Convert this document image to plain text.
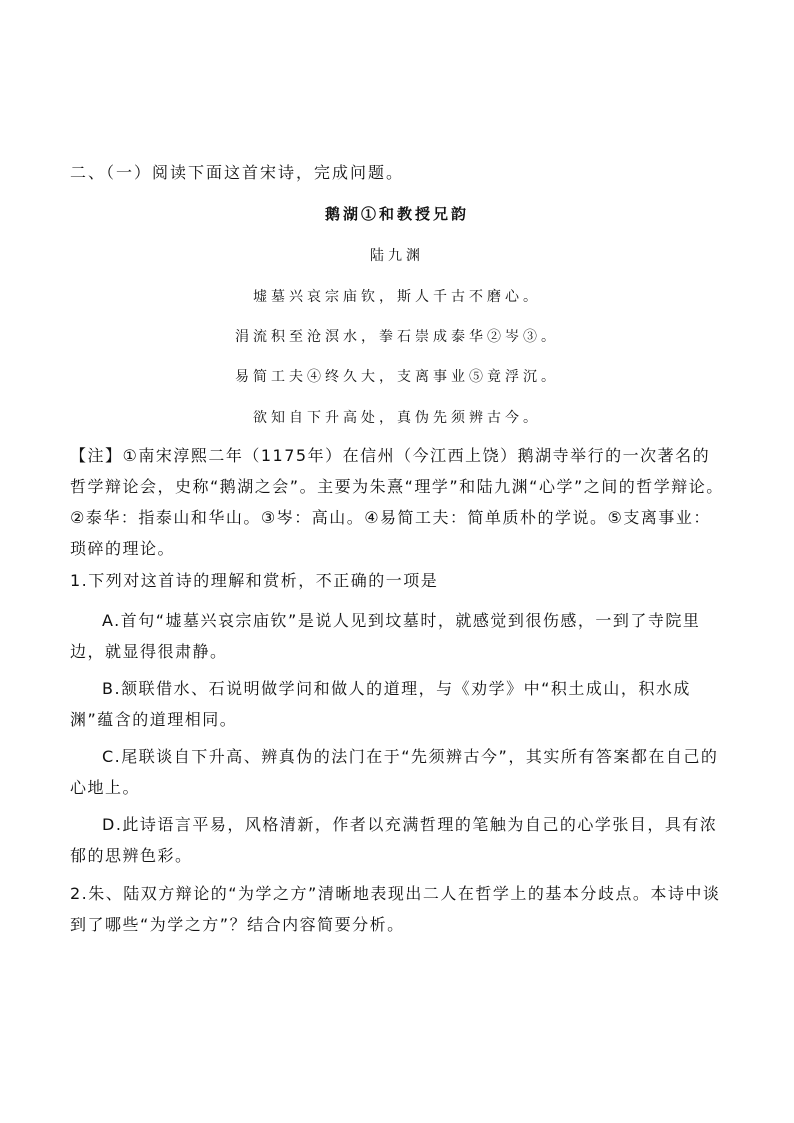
二、（一）阅读下面这首宋诗，完成问题。
鹅湖①和教授兄韵
陆九渊
墟墓兴哀宗庙钦，斯人千古不磨心。
涓流积至沧溟水，拳石崇成泰华②岑③。
易简工夫④终久大，支离事业⑤竟浮沉。
欲知自下升高处，真伪先须辨古今。
【注】①南宋淳熙二年（1175年）在信州（今江西上饶）鹅湖寺举行的一次著名的哲学辩论会，史称“鹅湖之会”。主要为朱熹“理学”和陆九渊“心学”之间的哲学辩论。②泰华：指泰山和华山。③岑：高山。④易简工夫：简单质朴的学说。⑤支离事业：琐碎的理论。
1.下列对这首诗的理解和赏析，不正确的一项是
A.首句“墟墓兴哀宗庙钦”是说人见到坟墓时，就感觉到很伤感，一到了寺院里边，就显得很肃静。
B.颔联借水、石说明做学问和做人的道理，与《劝学》中“积土成山，积水成渊”蕴含的道理相同。
C.尾联谈自下升高、辨真伪的法门在于“先须辨古今”，其实所有答案都在自己的心地上。
D.此诗语言平易，风格清新，作者以充满哲理的笔触为自己的心学张目，具有浓郁的思辨色彩。
2.朱、陆双方辩论的“为学之方”清晰地表现出二人在哲学上的基本分歧点。本诗中谈到了哪些“为学之方”？结合内容简要分析。
